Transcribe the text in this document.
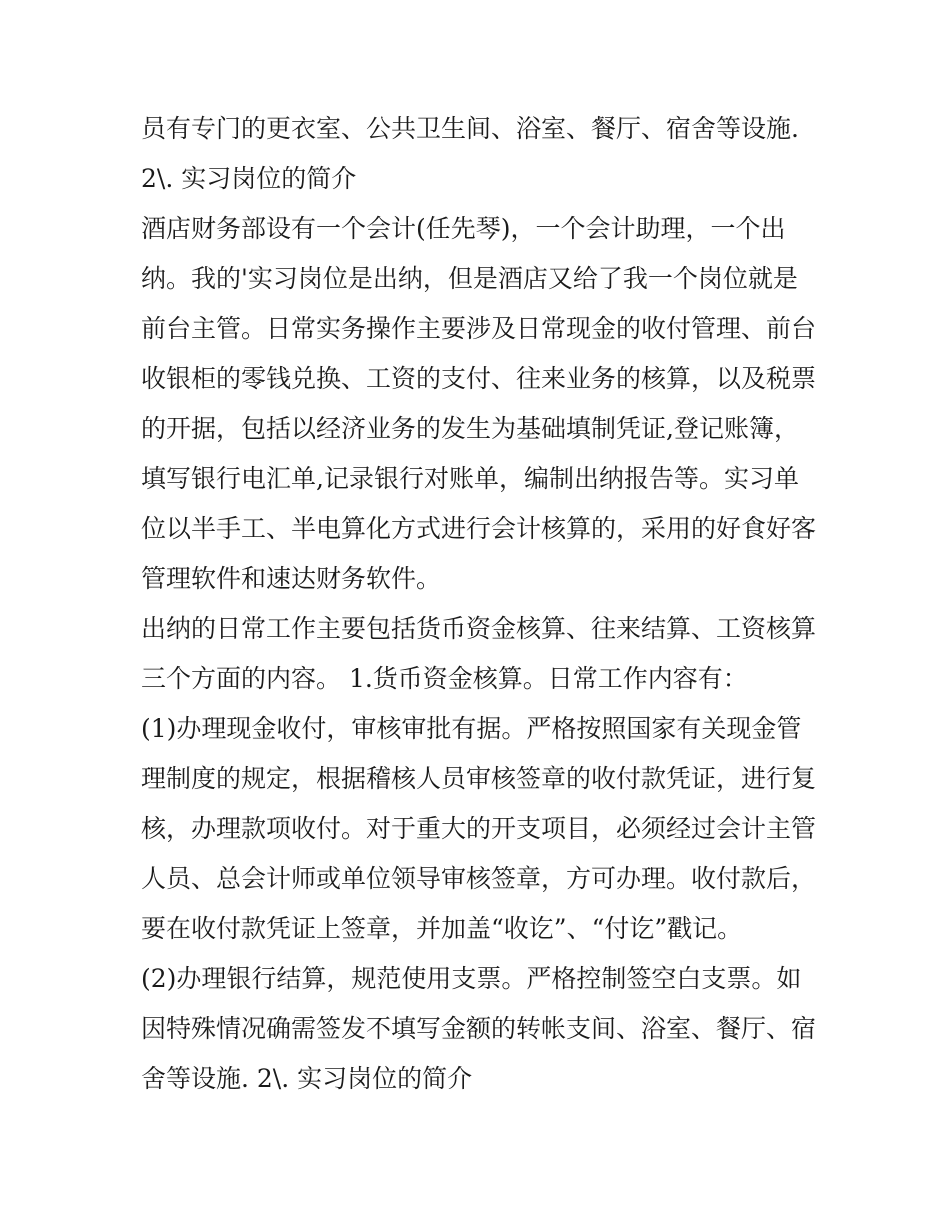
员有专门的更衣室、公共卫生间、浴室、餐厅、宿舍等设施.
2\. 实习岗位的简介
酒店财务部设有一个会计(任先琴)，一个会计助理，一个出
纳。我的'实习岗位是出纳，但是酒店又给了我一个岗位就是
前台主管。日常实务操作主要涉及日常现金的收付管理、前台
收银柜的零钱兑换、工资的支付、往来业务的核算，以及税票
的开据，包括以经济业务的发生为基础填制凭证,登记账簿，
填写银行电汇单,记录银行对账单，编制出纳报告等。实习单
位以半手工、半电算化方式进行会计核算的，采用的好食好客
管理软件和速达财务软件。
出纳的日常工作主要包括货币资金核算、往来结算、工资核算
三个方面的内容。 1.货币资金核算。日常工作内容有：
(1)办理现金收付，审核审批有据。严格按照国家有关现金管
理制度的规定，根据稽核人员审核签章的收付款凭证，进行复
核，办理款项收付。对于重大的开支项目，必须经过会计主管
人员、总会计师或单位领导审核签章，方可办理。收付款后，
要在收付款凭证上签章，并加盖“收讫”、“付讫”戳记。
(2)办理银行结算，规范使用支票。严格控制签空白支票。如
因特殊情况确需签发不填写金额的转帐支间、浴室、餐厅、宿
舍等设施. 2\. 实习岗位的简介
